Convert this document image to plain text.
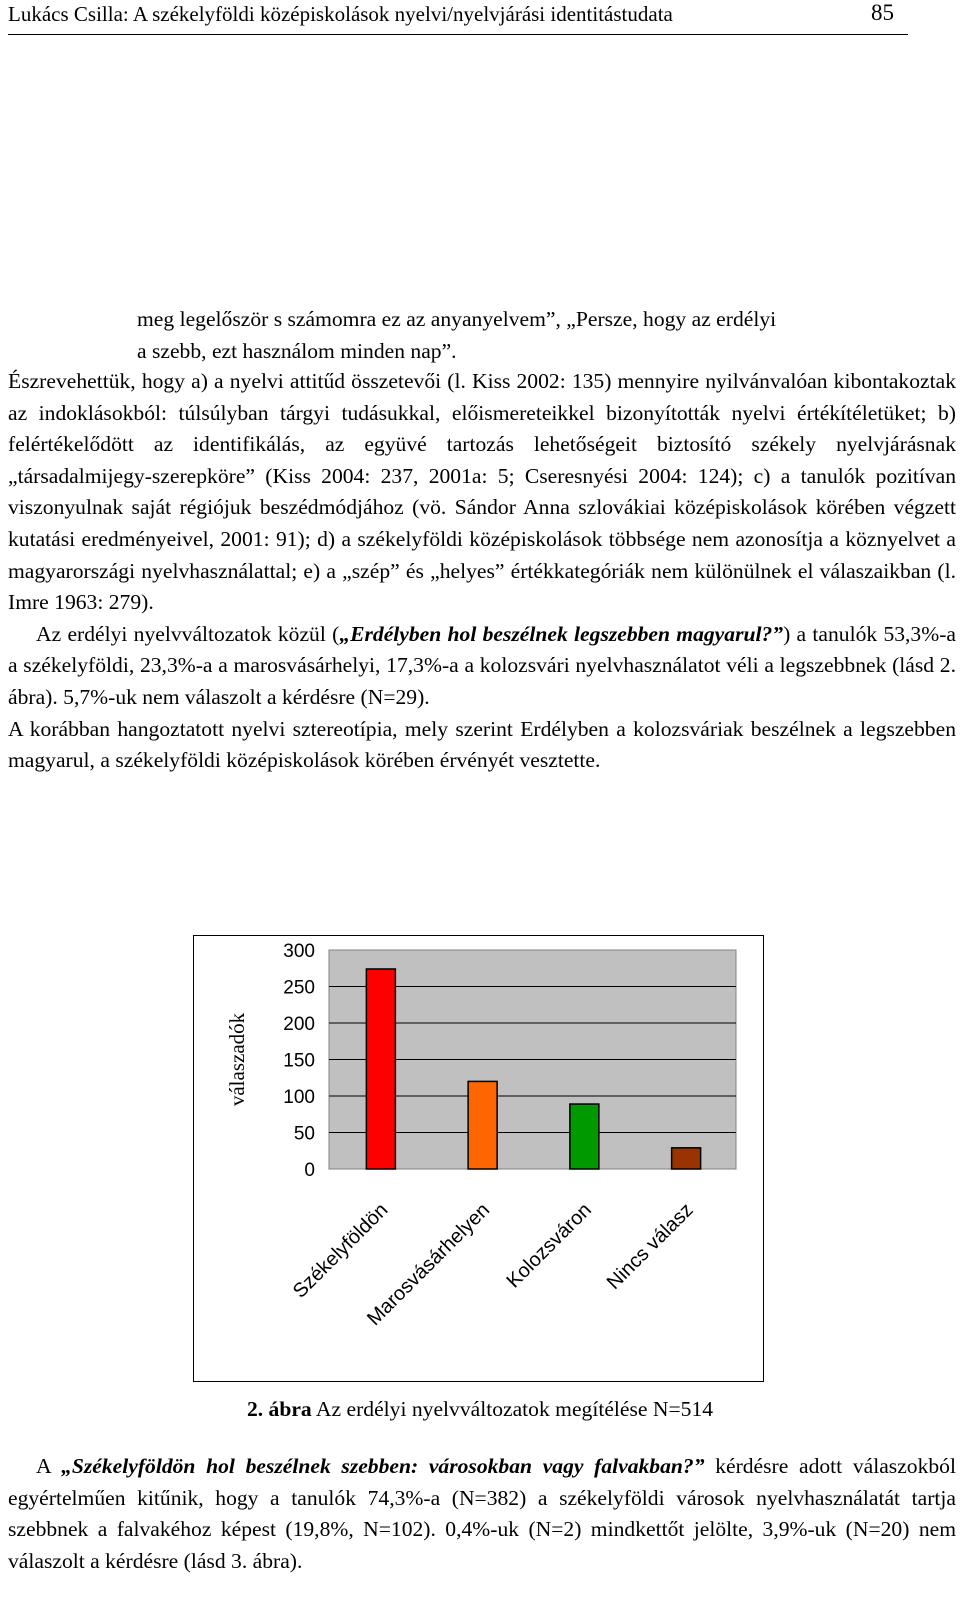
Lukács Csilla: A székelyföldi középiskolások nyelvi/nyelvjárási identitástudata	85

meg legelőször s számomra ez az anyanyelvem”, „Persze, hogy az erdélyi

a szebb, ezt használom minden nap”.

Észrevehettük, hogy a) a nyelvi attitűd összetevői (l. Kiss 2002: 135) mennyire nyilvánvalóan kibontakoztak az indoklásokból: túlsúlyban tárgyi tudásukkal, előismereteikkel bizonyították nyelvi értékítéletüket; b) felértékelődött az identifikálás, az együvé tartozás lehetőségeit biztosító székely nyelvjárásnak „társadalmijegy-szerepköre” (Kiss 2004: 237, 2001a: 5; Cseresnyési 2004: 124); c) a tanulók pozitívan viszonyulnak saját régiójuk beszédmódjához (vö. Sándor Anna szlovákiai középiskolások körében végzett kutatási eredményeivel, 2001: 91); d) a székelyföldi középiskolások többsége nem azonosítja a köznyelvet a magyarországi nyelvhasználattal; e) a „szép” és „helyes” értékkategóriák nem különülnek el válaszaikban (l. Imre 1963: 279).

Az erdélyi nyelvváltozatok közül („Erdélyben hol beszélnek legszebben magyarul?”) a tanulók 53,3%-a a székelyföldi, 23,3%-a a marosvásárhelyi, 17,3%-a a kolozsvári nyelvhasználatot véli a legszebbnek (lásd 2. ábra). 5,7%-uk nem válaszolt a kérdésre (N=29).

A korábban hangoztatott nyelvi sztereotípia, mely szerint Erdélyben a kolozsváriak beszélnek a legszebben magyarul, a székelyföldi középiskolások körében érvényét vesztette.

0
50
100
150
200
250
300
válaszadók
Székelyföldön
Marosvásárhelyen Kolozsváron Nincs válasz
2. ábra Az erdélyi nyelvváltozatok megítélése N=514

A „Székelyföldön hol beszélnek szebben: városokban vagy falvakban?” kérdésre adott válaszokból egyértelműen kitűnik, hogy a tanulók 74,3%-a (N=382) a székelyföldi városok nyelvhasználatát tartja szebbnek a falvakéhoz képest (19,8%, N=102). 0,4%-uk (N=2) mindkettőt jelölte, 3,9%-uk (N=20) nem válaszolt a kérdésre (lásd 3. ábra).
